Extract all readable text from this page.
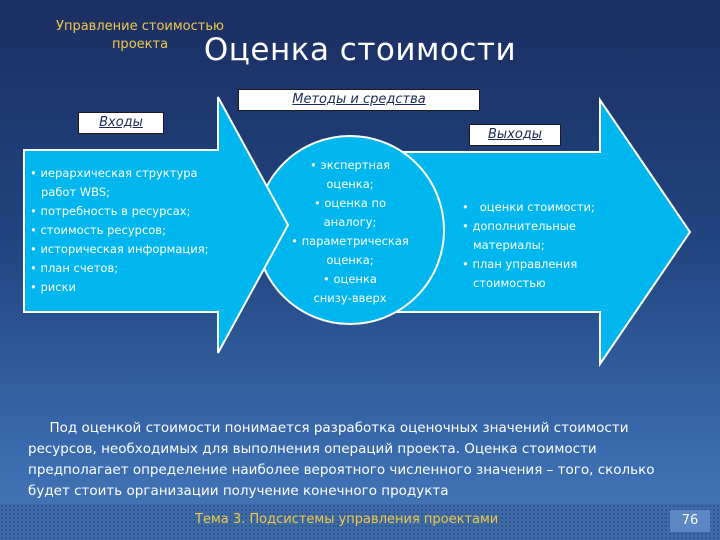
Управление стоимостью проекта	Оценка стоимости
Входы
Методы и средства
Выходы
• иерархическая структура
работ WBS;
• потребность в ресурсах;
• стоимость ресурсов;
• историческая информация;
• план счетов;
• риски
• экспертная
оценка;
• оценка по
аналогу;
• параметрическая
оценка;
• оценка
снизу-вверх
•   оценки стоимости;
• дополнительные
материалы;
• план управления
стоимостью
Под оценкой стоимости понимается разработка оценочных значений стоимости ресурсов, необходимых для выполнения операций проекта. Оценка стоимости предполагает определение наиболее вероятного численного значения – того, сколько будет стоить организации получение конечного продукта
Тема 3. Подсистемы управления проектами	76
